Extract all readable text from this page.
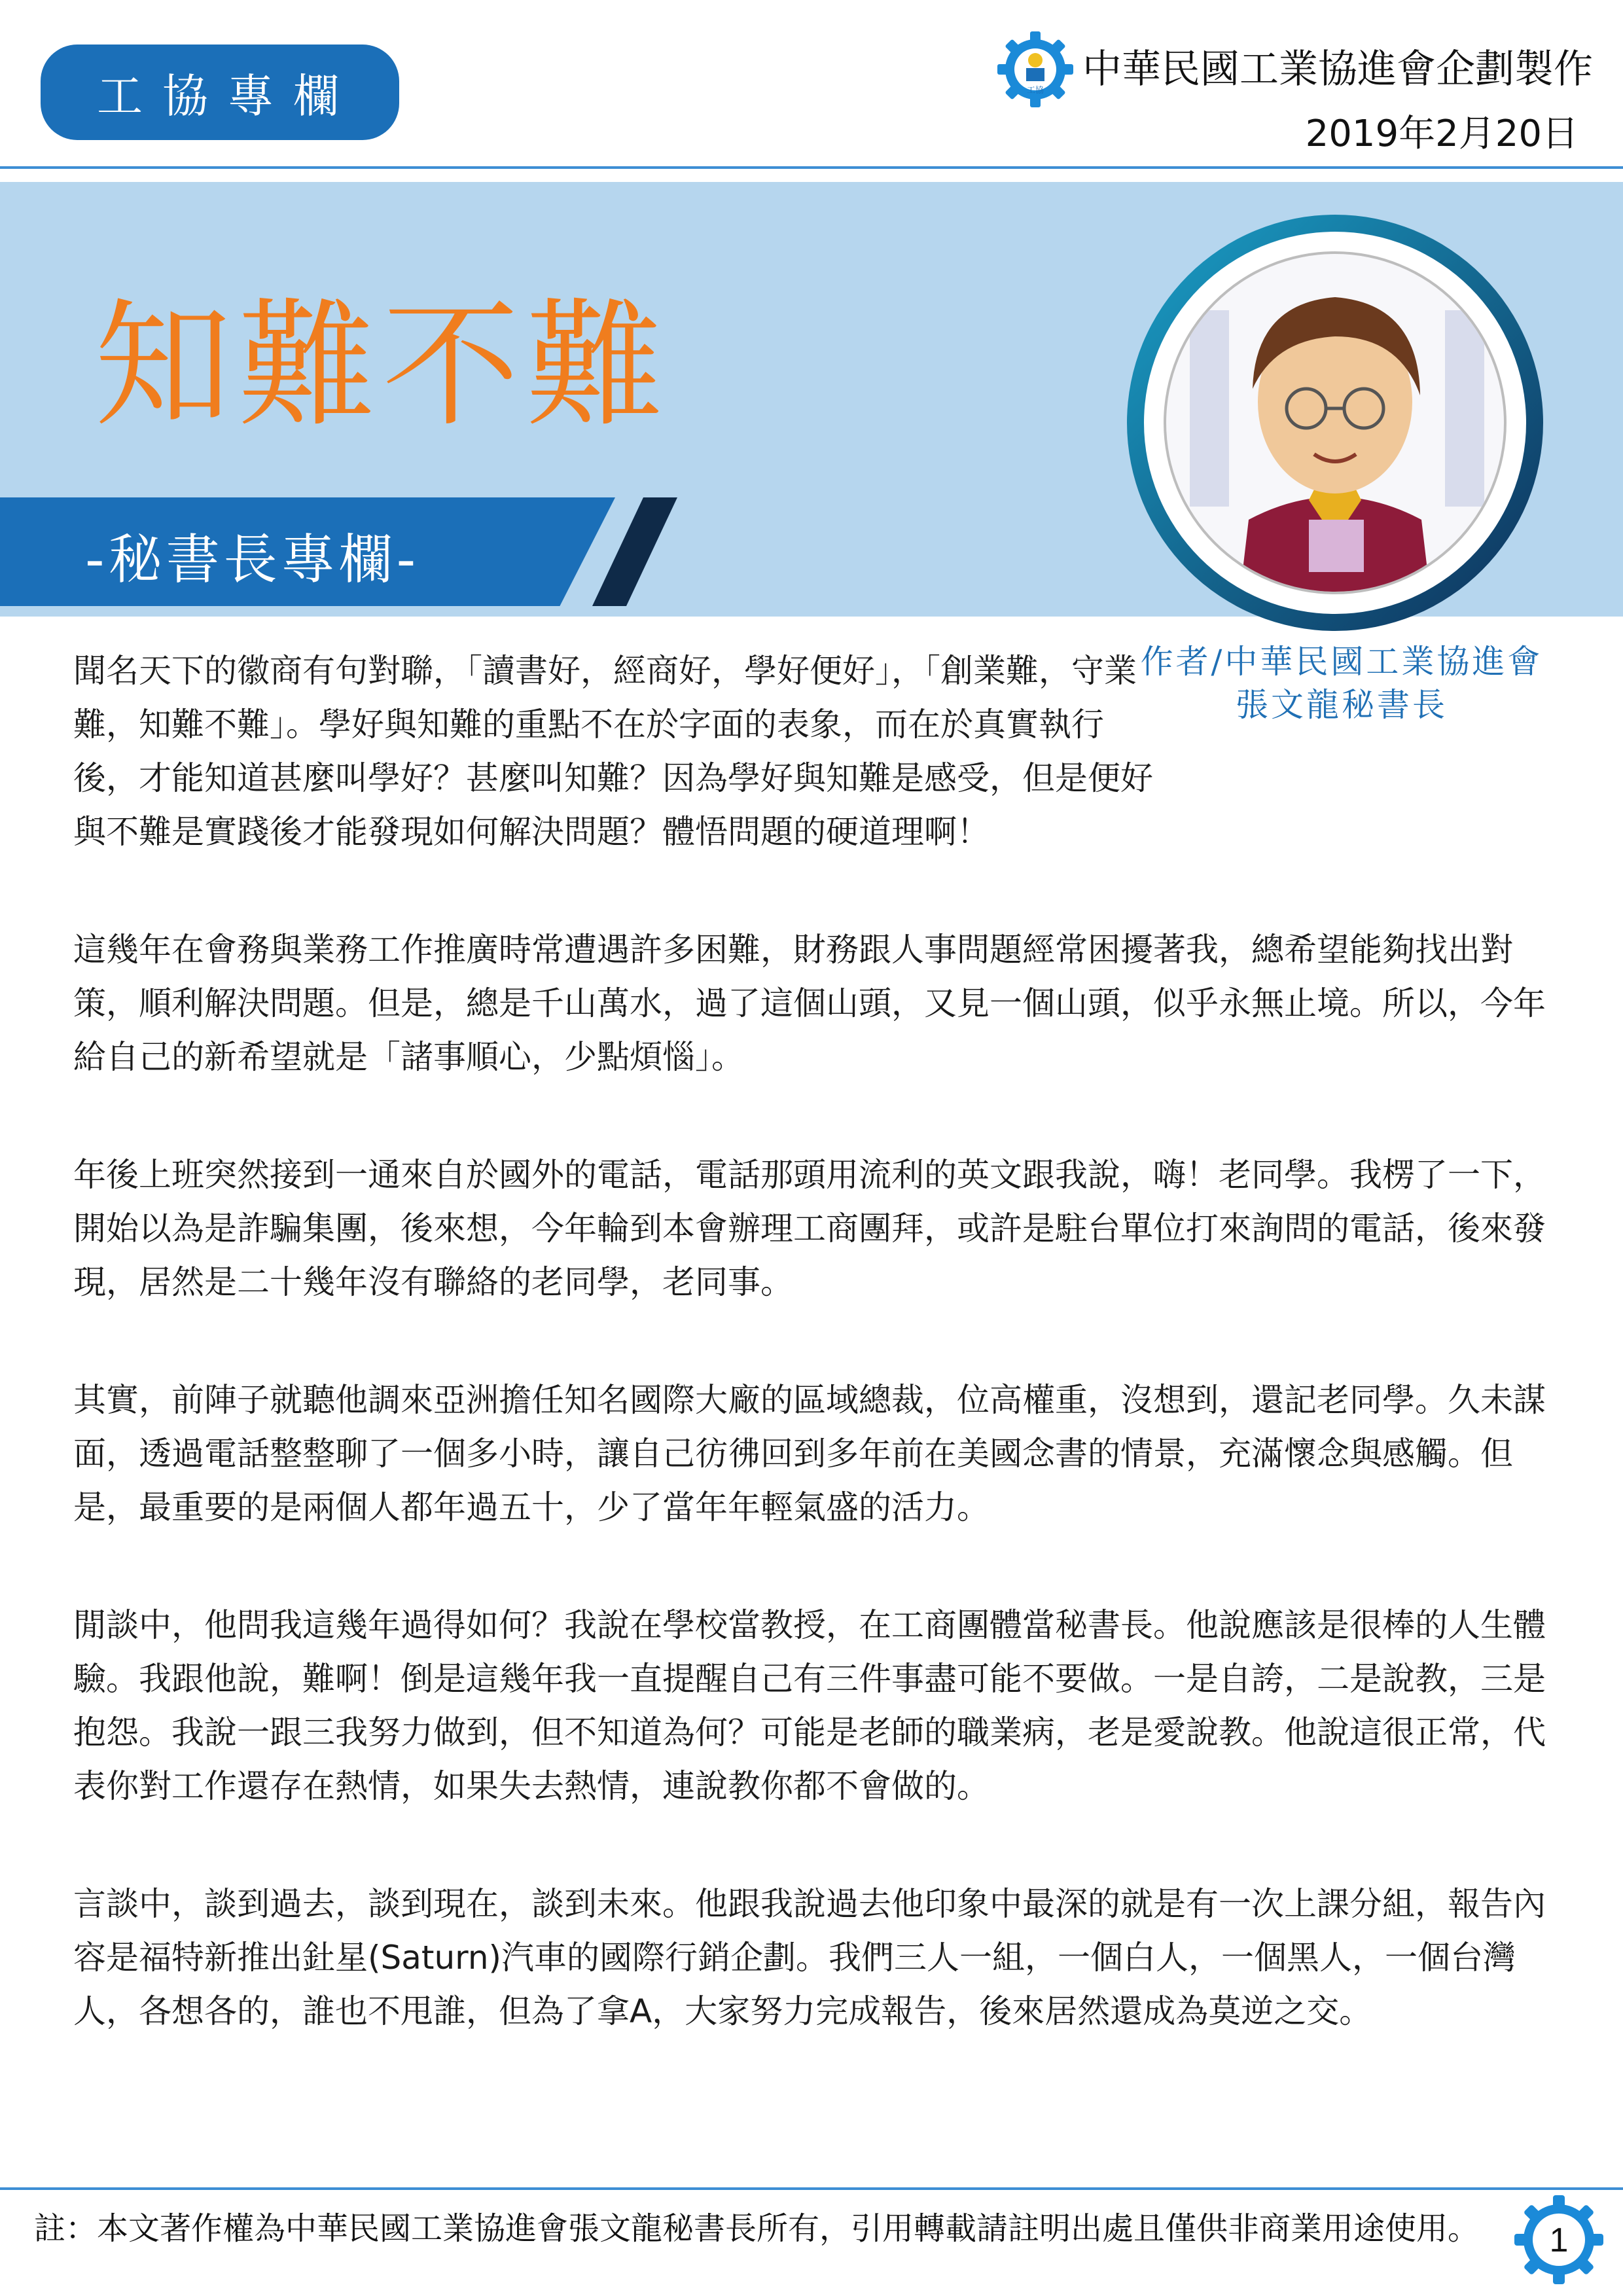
工協專欄	工協 中華民國工業協進會企劃製作
2019年2月20日
知難不難
-秘書長專欄-
作者/中華民國工業協進會
張文龍秘書長

聞名天下的徽商有句對聯，「讀書好，經商好，學好便好」，「創業難，守業難，知難不難」。學好與知難的重點不在於字面的表象，而在於真實執行後，才能知道甚麼叫學好？甚麼叫知難？因為學好與知難是感受，但是便好與不難是實踐後才能發現如何解決問題？體悟問題的硬道理啊！

這幾年在會務與業務工作推廣時常遭遇許多困難，財務跟人事問題經常困擾著我，總希望能夠找出對策，順利解決問題。但是，總是千山萬水，過了這個山頭，又見一個山頭，似乎永無止境。所以，今年給自己的新希望就是「諸事順心，少點煩惱」。

年後上班突然接到一通來自於國外的電話，電話那頭用流利的英文跟我說，嗨！老同學。我楞了一下，開始以為是詐騙集團，後來想，今年輪到本會辦理工商團拜，或許是駐台單位打來詢問的電話，後來發現，居然是二十幾年沒有聯絡的老同學，老同事。

其實，前陣子就聽他調來亞洲擔任知名國際大廠的區域總裁，位高權重，沒想到，還記老同學。久未謀面，透過電話整整聊了一個多小時，讓自己彷彿回到多年前在美國念書的情景，充滿懷念與感觸。但是，最重要的是兩個人都年過五十，少了當年年輕氣盛的活力。

閒談中，他問我這幾年過得如何？我說在學校當教授，在工商團體當秘書長。他說應該是很棒的人生體驗。我跟他說，難啊！倒是這幾年我一直提醒自己有三件事盡可能不要做。一是自誇，二是說教，三是抱怨。我說一跟三我努力做到，但不知道為何？可能是老師的職業病，老是愛說教。他說這很正常，代表你對工作還存在熱情，如果失去熱情，連說教你都不會做的。

言談中，談到過去，談到現在，談到未來。他跟我說過去他印象中最深的就是有一次上課分組，報告內容是福特新推出釷星(Saturn)汽車的國際行銷企劃。我們三人一組，一個白人，一個黑人，一個台灣人，各想各的，誰也不甩誰，但為了拿A，大家努力完成報告，後來居然還成為莫逆之交。

註：本文著作權為中華民國工業協進會張文龍秘書長所有，引用轉載請註明出處且僅供非商業用途使用。 1
